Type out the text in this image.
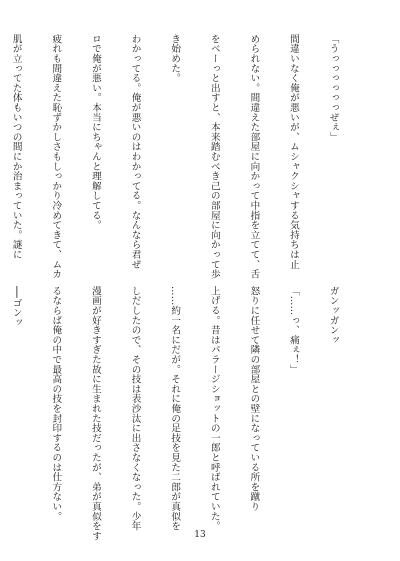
「うっっっっっっぜぇ」

間違いなく俺が悪いが、ムシャクシャする気持ちは止

められない。間違えた部屋に向かって中指を立てて、舌

をベーっと出すと、本来踏むべき己の部屋に向かって歩

き始めた。

わかってる。俺が悪いのはわかってる。なんなら君ぜ

ロで俺が悪い。本当にちゃんと理解してる。

疲れも間違えた恥ずかしさもしっかり冷めてきて、ムカ

肌が立ってた体もいつの間にか治まっていた。謎に

ガンッガンッ

「……っ、痛ぇ！」

怒りに任せて隣の部屋との壁になっている所を蹴り

上げる。昔はパラージショットの一郎と呼ばれていた。

……約一名にだが。それに俺の足技を見た二郎が真似を

しだしたので、その技は表沙汰に出さなくなった。少年

漫画が好きすぎた故に生まれた技だったが、弟が真似をす

るならば俺の中で最高の技を封印するのは仕方ない。

──ゴンッ

13
